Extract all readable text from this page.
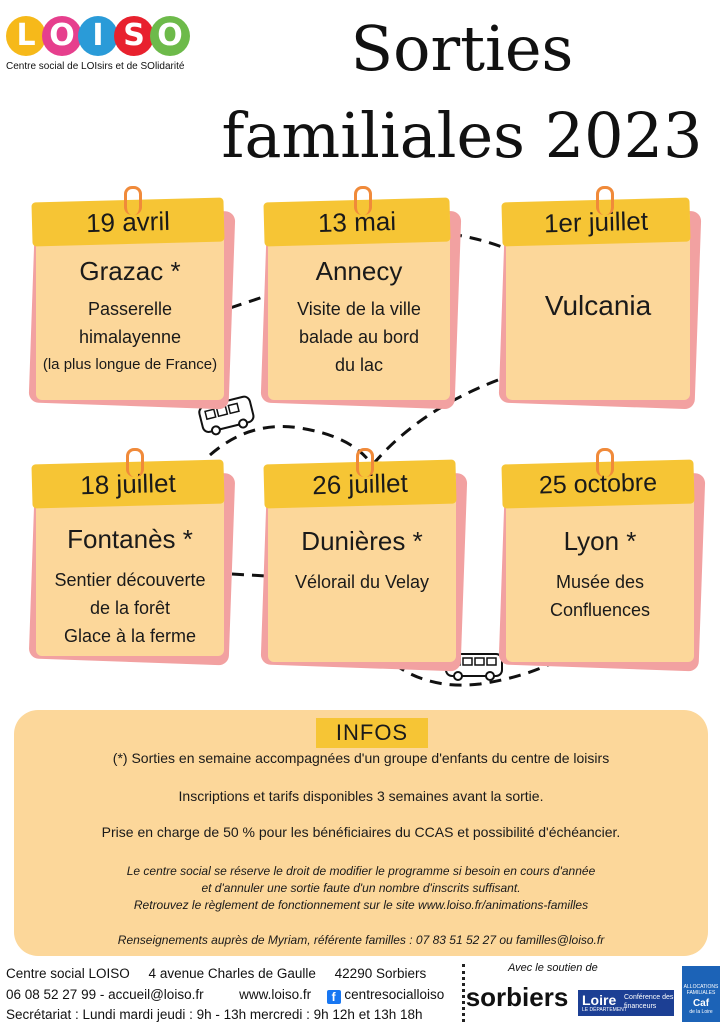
L O I S O
Centre social de LOIsirs et de SOlidarité	Sorties
familiales 2023
19 avril
Grazac *
Passerelle
himalayenne
(la plus longue de France)
13 mai
Annecy
Visite de la ville
balade au bord
du lac
1er juillet
Vulcania
18 juillet
Fontanès *
Sentier découverte
de la forêt
Glace à la ferme
26 juillet
Dunières *
Vélorail du Velay
25 octobre
Lyon *
Musée des
Confluences
INFOS
(*) Sorties en semaine accompagnées d'un groupe d'enfants du centre de loisirs
Inscriptions et tarifs disponibles 3 semaines avant la sortie.
Prise en charge de 50 % pour les bénéficiaires du CCAS et possibilité d'échéancier.
Le centre social se réserve le droit de modifier le programme si besoin en cours d'année
et d'annuler une sortie faute d'un nombre d'inscrits suffisant.
Retrouvez le règlement de fonctionnement sur le site www.loiso.fr/animations-familles
Renseignements auprès de Myriam, référente familles : 07 83 51 52 27 ou familles@loiso.fr
Centre social LOISO     4 avenue Charles de Gaulle     42290 Sorbiers
06 08 52 27 99 - accueil@loiso.fr	www.loiso.fr f centresocialloiso
Secrétariat : Lundi mardi jeudi : 9h - 13h mercredi : 9h 12h et 13h 18h
Avec le soutien de
sorbiers Loire
LE DÉPARTEMENT
Conférence des financeurs
ALLOCATIONS FAMILIALES
Caf
de la Loire
